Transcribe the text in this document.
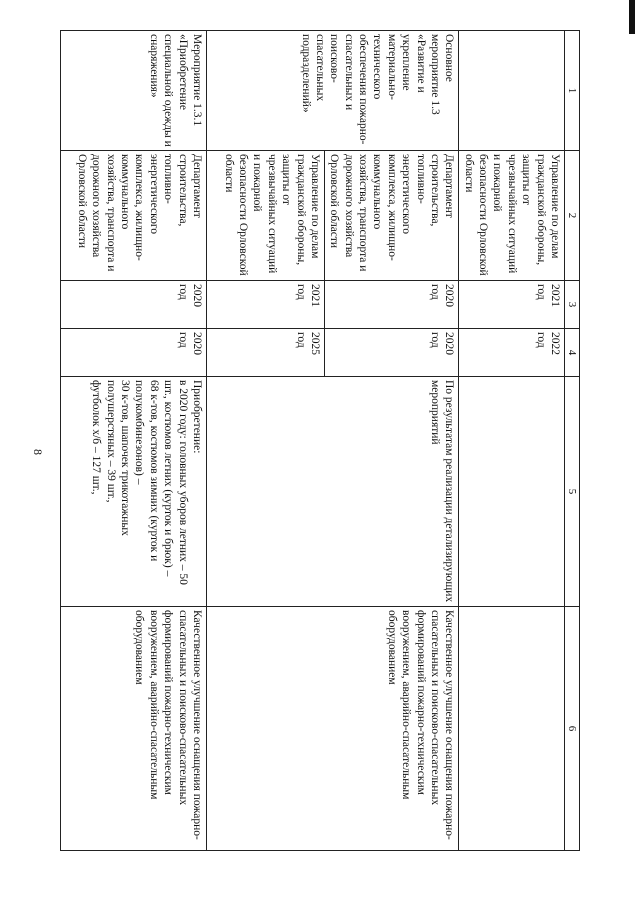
8
1	2	3	4	5	6
	Управление по делам гражданской обороны, защиты от чрезвычайных ситуаций и пожарной безопасности Орловской области	2021 год	2022 год		
Основное мероприятие 1.3 «Развитие и укрепление материально-технического обеспечения пожарно-спасательных и поисково-спасательных подразделений»	Департамент строительства, топливно-энергетического комплекса, жилищно-коммунального хозяйства, транспорта и дорожного хозяйства Орловской области	2020 год	2020 год	По результатам реализации детализирующих мероприятий	Качественное улучшение оснащения пожарно-спасательных и поисково-спасательных формирований пожарно-техническим вооружением, аварийно-спасательным оборудованием
	Управление по делам гражданской обороны, защиты от чрезвычайных ситуаций и пожарной безопасности Орловской области	2021 год	2025 год		
Мероприятие 1.3.1 «Приобретение специальной одежды и снаряжения»	Департамент строительства, топливно-энергетического комплекса, жилищно-коммунального хозяйства, транспорта и дорожного хозяйства Орловской области	2020 год	2020 год	Приобретение:
в 2020 году: головных уборов летних – 50 шт., костюмов летних (курток и брюк) –
68 к-тов, костюмов зимних (курток и полукомбинезонов) –
30 к-тов, шапочек трикотажных полушерстяных – 39 шт.,
футболок х/б – 127 шт.,	Качественное улучшение оснащения пожарно-спасательных и поисково-спасательных формирований пожарно-техническим вооружением, аварийно-спасательным оборудованием
